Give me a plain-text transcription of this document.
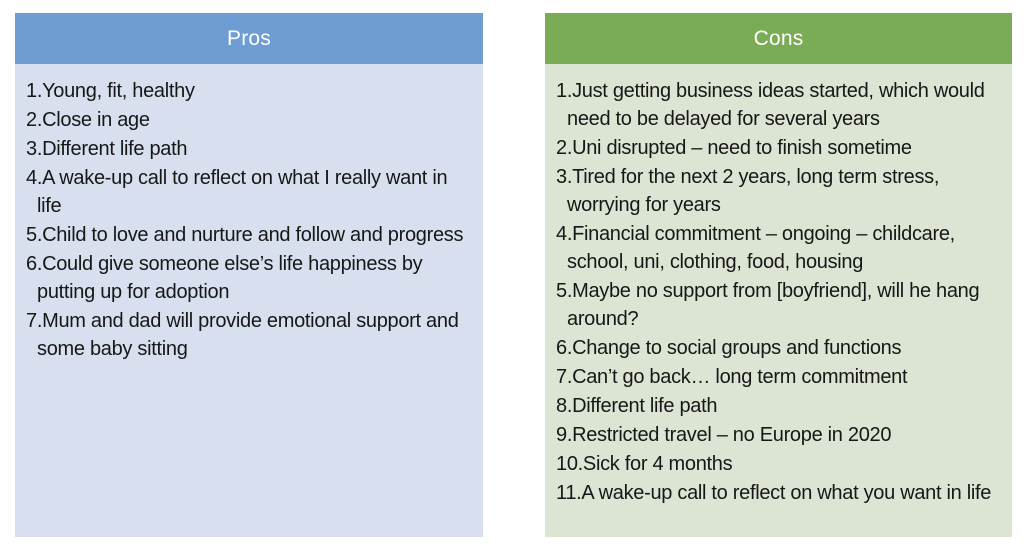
Pros
1.Young, fit, healthy
2.Close in age
3.Different life path
4.A wake-up call to reflect on what I really want in life
5.Child to love and nurture and follow and progress
6.Could give someone else’s life happiness by putting up for adoption
7.Mum and dad will provide emotional support and some baby sitting
Cons
1.Just getting business ideas started, which would need to be delayed for several years
2.Uni disrupted – need to finish sometime
3.Tired for the next 2 years, long term stress, worrying for years
4.Financial commitment – ongoing – childcare, school, uni, clothing, food, housing
5.Maybe no support from [boyfriend], will he hang around?
6.Change to social groups and functions
7.Can’t go back… long term commitment
8.Different life path
9.Restricted travel – no Europe in 2020
10.Sick for 4 months
11.A wake-up call to reflect on what you want in life
